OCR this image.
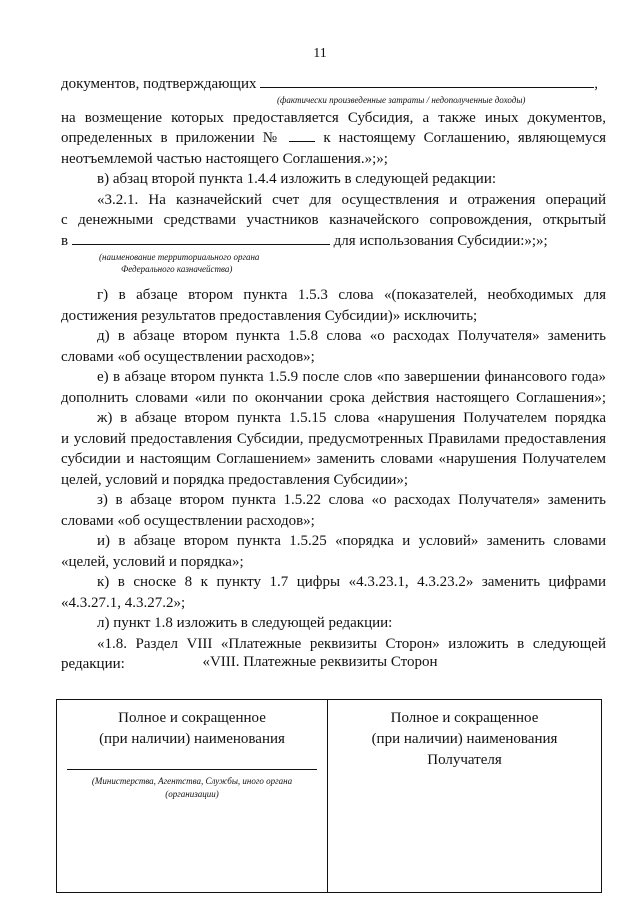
11
документов, подтверждающих	,
(фактически произведенные затраты / недополученные доходы)
на возмещение которых предоставляется Субсидия, а также иных документов,
определенных в приложении №	к настоящему Соглашению, являющемуся
неотъемлемой частью настоящего Соглашения.»;»;
в) абзац второй пункта 1.4.4 изложить в следующей редакции:
«3.2.1. На казначейский счет для осуществления и отражения операций
с денежными средствами участников казначейского сопровождения, открытый
в	для использования Субсидии:»;»;
(наименование территориального органа
Федерального казначейства)
г) в абзаце втором пункта 1.5.3 слова «(показателей, необходимых для
достижения результатов предоставления Субсидии)» исключить;
д) в абзаце втором пункта 1.5.8 слова «о расходах Получателя» заменить
словами «об осуществлении расходов»;
е) в абзаце втором пункта 1.5.9 после слов «по завершении финансового года»
дополнить словами «или по окончании срока действия настоящего Соглашения»;
ж) в абзаце втором пункта 1.5.15 слова «нарушения Получателем порядка
и условий предоставления Субсидии, предусмотренных Правилами предоставления
субсидии и настоящим Соглашением» заменить словами «нарушения Получателем
целей, условий и порядка предоставления Субсидии»;
з) в абзаце втором пункта 1.5.22 слова «о расходах Получателя» заменить
словами «об осуществлении расходов»;
и) в абзаце втором пункта 1.5.25 «порядка и условий» заменить словами
«целей, условий и порядка»;
к) в сноске 8 к пункту 1.7 цифры «4.3.23.1, 4.3.23.2» заменить цифрами
«4.3.27.1, 4.3.27.2»;
л) пункт 1.8 изложить в следующей редакции:
«1.8. Раздел VIII «Платежные реквизиты Сторон» изложить в следующей
редакции:	«VIII. Платежные реквизиты Сторон
Полное и сокращенное
(при наличии) наименования
(Министерства, Агентства, Службы, иного органа
(организации)

Полное и сокращенное
(при наличии) наименования
Получателя
